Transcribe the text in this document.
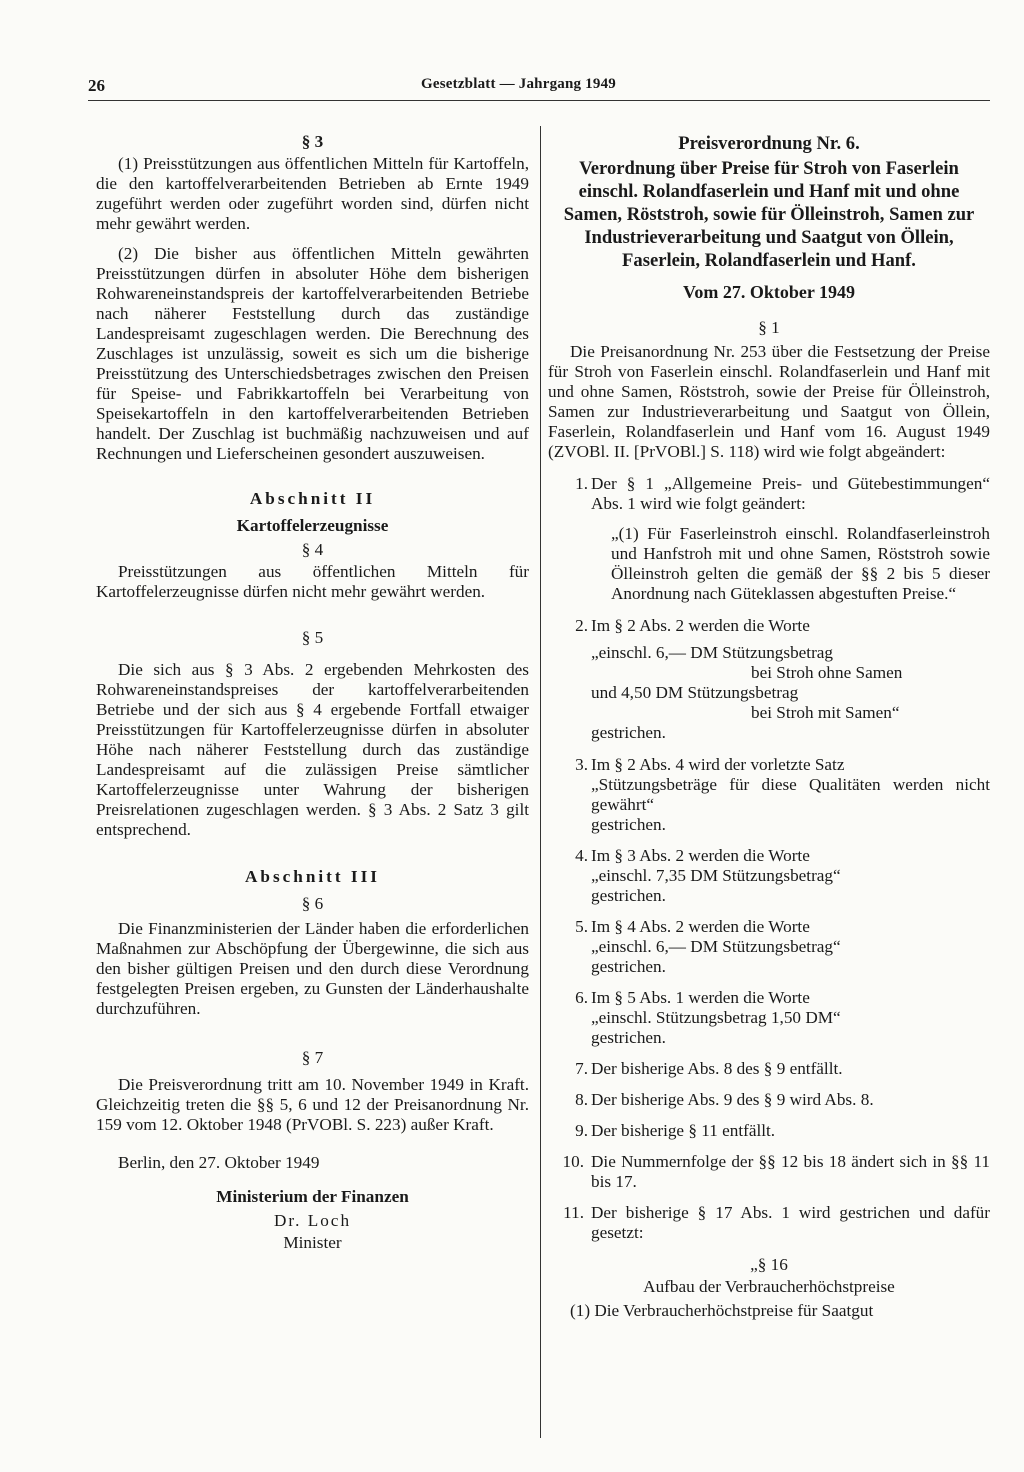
26	Gesetzblatt — Jahrgang 1949

§ 3

(1) Preisstützungen aus öffentlichen Mitteln für Kartoffeln, die den kartoffelverarbeitenden Betrieben ab Ernte 1949 zugeführt werden oder zugeführt worden sind, dürfen nicht mehr gewährt werden.

(2) Die bisher aus öffentlichen Mitteln gewährten Preisstützungen dürfen in absoluter Höhe dem bisherigen Rohwareneinstandspreis der kartoffelverarbeitenden Betriebe nach näherer Feststellung durch das zuständige Landespreisamt zugeschlagen werden. Die Berechnung des Zuschlages ist unzulässig, soweit es sich um die bisherige Preisstützung des Unterschiedsbetrages zwischen den Preisen für Speise- und Fabrikkartoffeln bei Verarbeitung von Speisekartoffeln in den kartoffelverarbeitenden Betrieben handelt. Der Zuschlag ist buchmäßig nachzuweisen und auf Rechnungen und Lieferscheinen gesondert auszuweisen.

Abschnitt II

Kartoffelerzeugnisse

§ 4

Preisstützungen aus öffentlichen Mitteln für Kartoffelerzeugnisse dürfen nicht mehr gewährt werden.

§ 5

Die sich aus § 3 Abs. 2 ergebenden Mehrkosten des Rohwareneinstandspreises der kartoffelverarbeitenden Betriebe und der sich aus § 4 ergebende Fortfall etwaiger Preisstützungen für Kartoffelerzeugnisse dürfen in absoluter Höhe nach näherer Feststellung durch das zuständige Landespreisamt auf die zulässigen Preise sämtlicher Kartoffelerzeugnisse unter Wahrung der bisherigen Preisrelationen zugeschlagen werden. § 3 Abs. 2 Satz 3 gilt entsprechend.

Abschnitt III

§ 6

Die Finanzministerien der Länder haben die erforderlichen Maßnahmen zur Abschöpfung der Übergewinne, die sich aus den bisher gültigen Preisen und den durch diese Verordnung festgelegten Preisen ergeben, zu Gunsten der Länderhaushalte durchzuführen.

§ 7

Die Preisverordnung tritt am 10. November 1949 in Kraft. Gleichzeitig treten die §§ 5, 6 und 12 der Preisanordnung Nr. 159 vom 12. Oktober 1948 (PrVOBl. S. 223) außer Kraft.

Berlin, den 27. Oktober 1949

Ministerium der Finanzen

Dr. Loch

Minister

Preisverordnung Nr. 6.

Verordnung über Preise für Stroh von Faserlein einschl. Rolandfaserlein und Hanf mit und ohne Samen, Röststroh, sowie für Ölleinstroh, Samen zur Industrieverarbeitung und Saatgut von Öllein, Faserlein, Rolandfaserlein und Hanf.

Vom 27. Oktober 1949

§ 1

Die Preisanordnung Nr. 253 über die Festsetzung der Preise für Stroh von Faserlein einschl. Rolandfaserlein und Hanf mit und ohne Samen, Röststroh, sowie der Preise für Ölleinstroh, Samen zur Industrieverarbeitung und Saatgut von Öllein, Faserlein, Rolandfaserlein und Hanf vom 16. August 1949 (ZVOBl. II. [PrVOBl.] S. 118) wird wie folgt abgeändert:

1. Der § 1 „Allgemeine Preis- und Gütebestimmungen“ Abs. 1 wird wie folgt geändert:
„(1) Für Faserleinstroh einschl. Rolandfaserleinstroh und Hanfstroh mit und ohne Samen, Röststroh sowie Ölleinstroh gelten die gemäß der §§ 2 bis 5 dieser Anordnung nach Güteklassen abgestuften Preise.“
2. Im § 2 Abs. 2 werden die Worte
„einschl. 6,— DM Stützungsbetrag
bei Stroh ohne Samen
und 4,50 DM Stützungsbetrag
bei Stroh mit Samen“
gestrichen.
3. Im § 2 Abs. 4 wird der vorletzte Satz
„Stützungsbeträge für diese Qualitäten werden nicht gewährt“
gestrichen.
4. Im § 3 Abs. 2 werden die Worte
„einschl. 7,35 DM Stützungsbetrag“
gestrichen.
5. Im § 4 Abs. 2 werden die Worte
„einschl. 6,— DM Stützungsbetrag“
gestrichen.
6. Im § 5 Abs. 1 werden die Worte
„einschl. Stützungsbetrag 1,50 DM“
gestrichen.
7. Der bisherige Abs. 8 des § 9 entfällt.
8. Der bisherige Abs. 9 des § 9 wird Abs. 8.
9. Der bisherige § 11 entfällt.
10. Die Nummernfolge der §§ 12 bis 18 ändert sich in §§ 11 bis 17.
11. Der bisherige § 17 Abs. 1 wird gestrichen und dafür gesetzt:

„§ 16

Aufbau der Verbraucherhöchstpreise

(1) Die Verbraucherhöchstpreise für Saatgut
